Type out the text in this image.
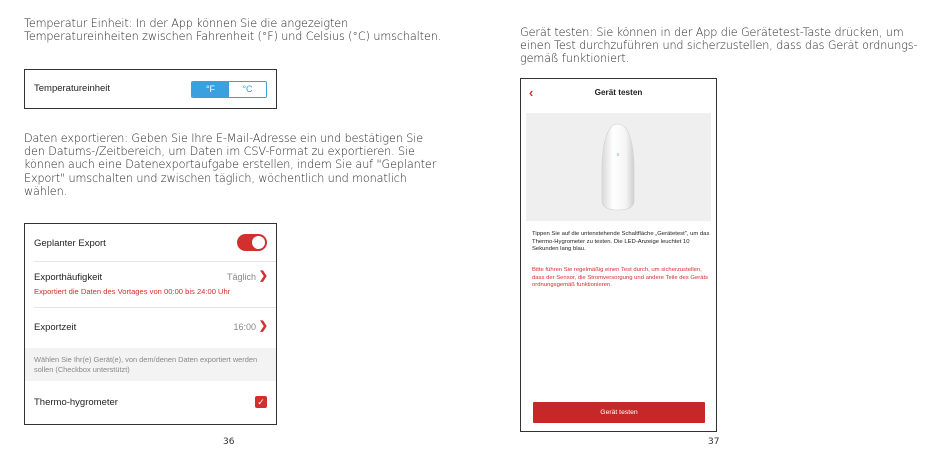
Temperatur Einheit: In der App können Sie die angezeigten
Temperatureinheiten zwischen Fahrenheit (°F) und Celsius (°C) umschalten.
Temperatureinheit	°F	°C
Daten exportieren: Geben Sie Ihre E-Mail-Adresse ein und bestätigen Sie
den Datums-/Zeitbereich, um Daten im CSV-Format zu exportieren. Sie
können auch eine Datenexportaufgabe erstellen, indem Sie auf "Geplanter
Export" umschalten und zwischen täglich, wöchentlich und monatlich
wählen.
Geplanter Export
Exporthäufigkeit	Täglich ❯
Exportiert die Daten des Vortages von 00:00 bis 24:00 Uhr
Exportzeit	16:00 ❯
Wählen Sie Ihr(e) Gerät(e), von dem/denen Daten exportiert werden sollen (Checkbox unterstützt)
Thermo-hygrometer	✓
36
Gerät testen: Sie können in der App die Gerätetest-Taste drücken, um
einen Test durchzuführen und sicherzustellen, dass das Gerät ordnungs-
gemäß funktioniert.
‹	Gerät testen
x
Tippen Sie auf die untenstehende Schaltfläche „Gerätetest", um das Thermo-Hygrometer zu testen. Die LED-Anzeige leuchtet 10 Sekunden lang blau.
Bitte führen Sie regelmäßig einen Test durch, um sicherzustellen, dass der Sensor, die Stromversorgung und andere Teile des Geräts ordnungsgemäß funktionieren.
Gerät testen
37
